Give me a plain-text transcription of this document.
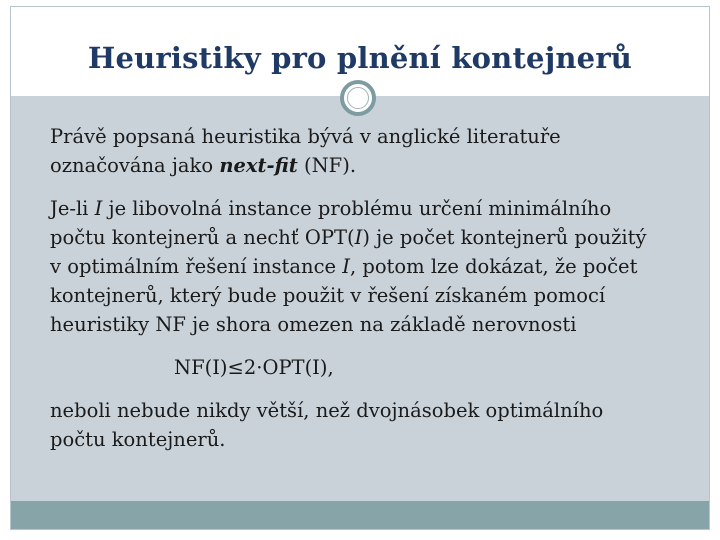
Heuristiky pro plnění kontejnerů

Právě popsaná heuristika bývá v anglické literatuře
označována jako next-fit (NF).

Je-li I je libovolná instance problému určení minimálního
počtu kontejnerů a nechť OPT(I) je počet kontejnerů použitý
v optimálním řešení instance I, potom lze dokázat, že počet
kontejnerů, který bude použit v řešení získaném pomocí
heuristiky NF je shora omezen na základě nerovnosti

NF(I)≤2·OPT(I),

neboli nebude nikdy větší, než dvojnásobek optimálního
počtu kontejnerů.
